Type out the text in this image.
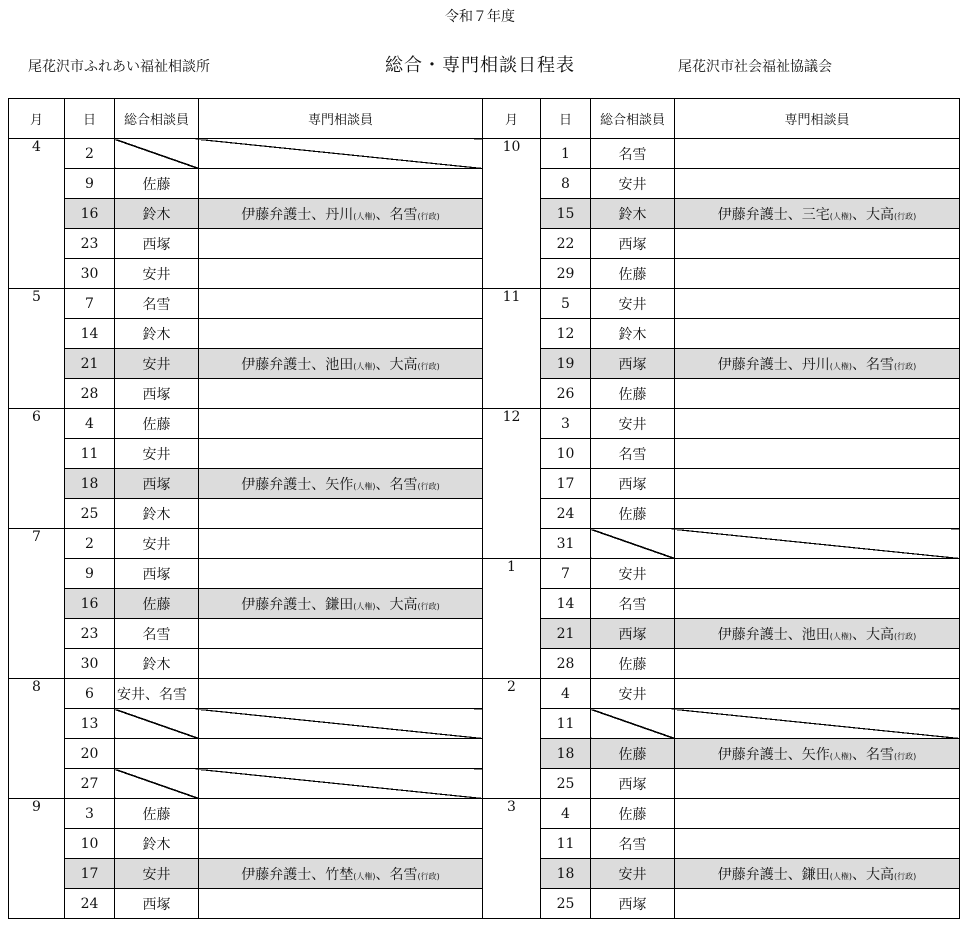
令和７年度
尾花沢市ふれあい福祉相談所	総合・専門相談日程表	尾花沢市社会福祉協議会
月	日	総合相談員	専門相談員	月	日	総合相談員	専門相談員
4	2			10	1	名雪	
	9	佐藤			8	安井	
	16	鈴木	伊藤弁護士、丹川(人権)、名雪(行政)		15	鈴木	伊藤弁護士、三宅(人権)、大高(行政)
	23	西塚			22	西塚	
	30	安井			29	佐藤	
5	7	名雪		11	5	安井	
	14	鈴木			12	鈴木	
	21	安井	伊藤弁護士、池田(人権)、大高(行政)		19	西塚	伊藤弁護士、丹川(人権)、名雪(行政)
	28	西塚			26	佐藤	
6	4	佐藤		12	3	安井	
	11	安井			10	名雪	
	18	西塚	伊藤弁護士、矢作(人権)、名雪(行政)		17	西塚	
	25	鈴木			24	佐藤	
7	2	安井			31		
	9	西塚		1	7	安井	
	16	佐藤	伊藤弁護士、鎌田(人権)、大高(行政)		14	名雪	
	23	名雪			21	西塚	伊藤弁護士、池田(人権)、大高(行政)
	30	鈴木			28	佐藤	
8	6	安井、名雪		2	4	安井	
	13				11		
	20				18	佐藤	伊藤弁護士、矢作(人権)、名雪(行政)
	27				25	西塚	
9	3	佐藤		3	4	佐藤	
	10	鈴木			11	名雪	
	17	安井	伊藤弁護士、竹埜(人権)、名雪(行政)		18	安井	伊藤弁護士、鎌田(人権)、大高(行政)
	24	西塚			25	西塚	
